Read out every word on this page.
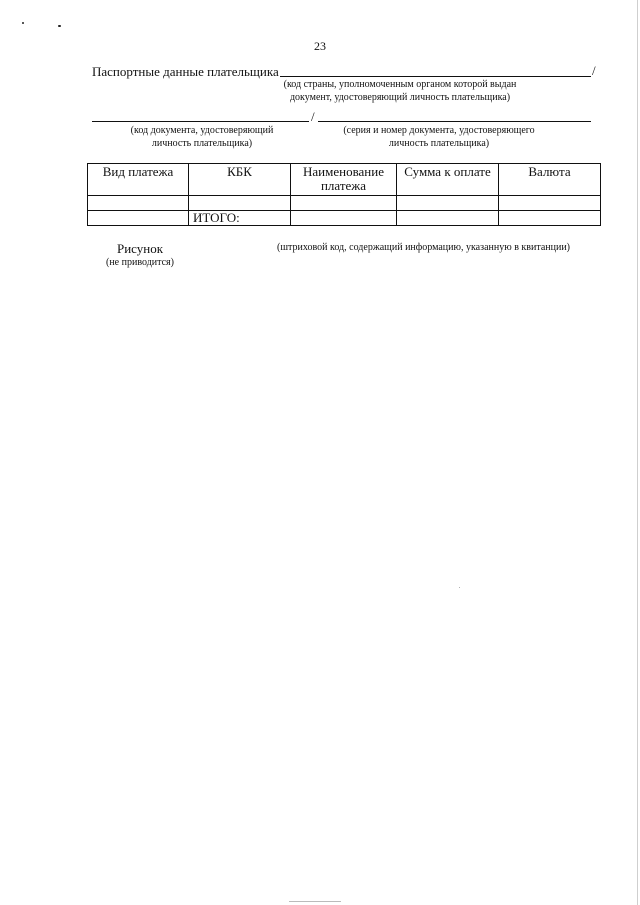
23
Паспортные данные плательщика	/
(код страны, уполномоченным органом которой выдан документ, удостоверяющий личность плательщика)
/
(код документа, удостоверяющий личность плательщика)
(серия и номер документа, удостоверяющего личность плательщика)
Вид платежа	КБК	Наименование платежа	Сумма к оплате	Валюта

	ИТОГО:			
Рисунок
(не приводится)
(штриховой код, содержащий информацию, указанную в квитанции)
